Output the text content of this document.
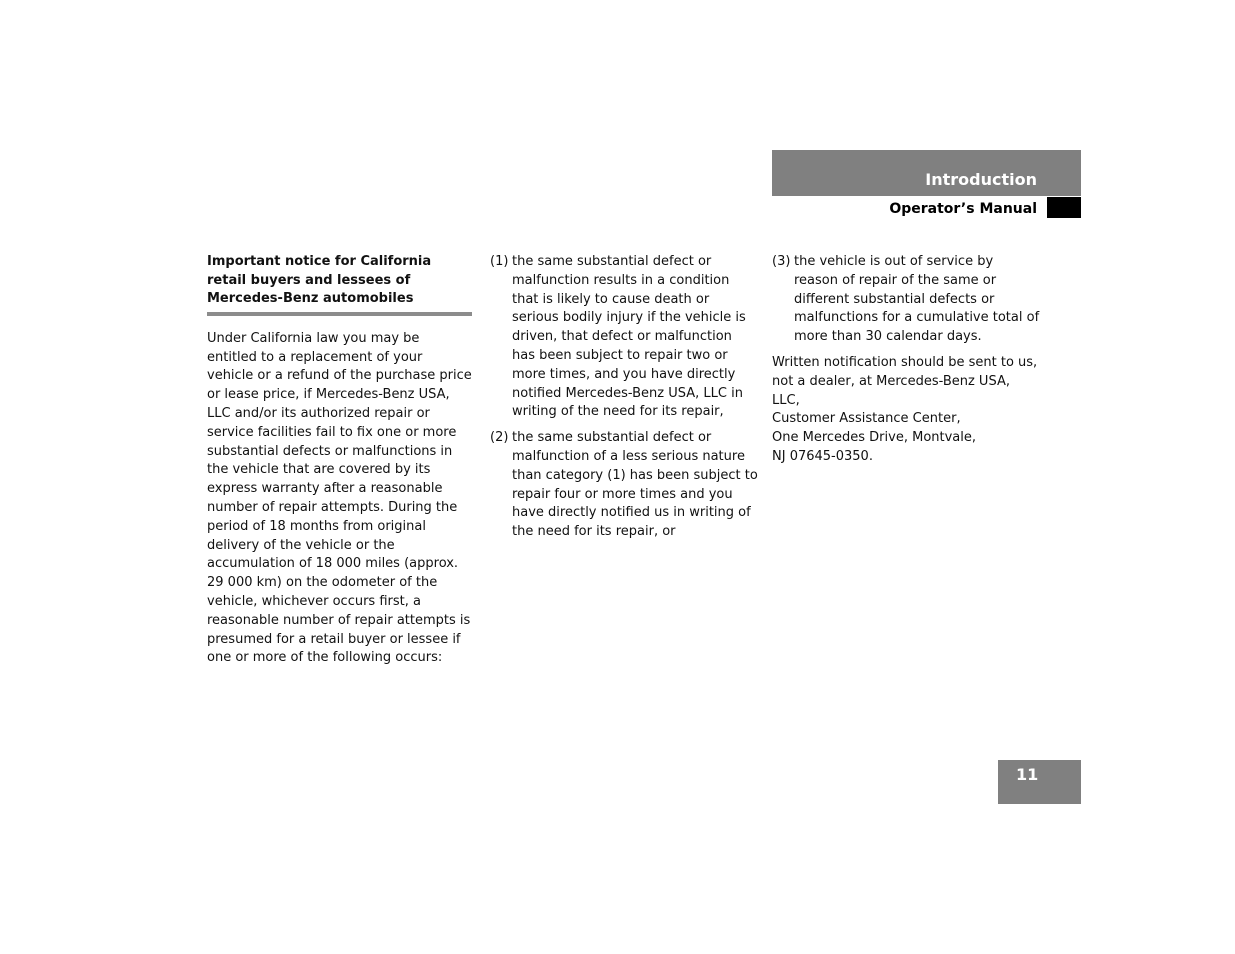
Introduction
Operator’s Manual
Important notice for California
retail buyers and lessees of
Mercedes-Benz automobiles
Under California law you may be entitled to a replacement of your vehicle or a refund of the purchase price or lease price, if Mercedes-Benz USA, LLC and/or its authorized repair or service facilities fail to fix one or more substantial defects or malfunctions in the vehicle that are covered by its express warranty after a reasonable number of repair attempts. During the period of 18 months from original delivery of the vehicle or the accumulation of 18 000 miles (approx. 29 000 km) on the odometer of the vehicle, whichever occurs first, a reasonable number of repair attempts is presumed for a retail buyer or lessee if one or more of the following occurs:
(1) the same substantial defect or malfunction results in a condition that is likely to cause death or serious bodily injury if the vehicle is driven, that defect or malfunction has been subject to repair two or more times, and you have directly notified Mercedes-Benz USA, LLC in writing of the need for its repair,
(2) the same substantial defect or malfunction of a less serious nature than category (1) has been subject to repair four or more times and you have directly notified us in writing of the need for its repair, or
(3) the vehicle is out of service by reason of repair of the same or different substantial defects or malfunctions for a cumulative total of more than 30 calendar days.
Written notification should be sent to us, not a dealer, at Mercedes-Benz USA, LLC,
Customer Assistance Center,
One Mercedes Drive, Montvale,
NJ 07645-0350.
11
